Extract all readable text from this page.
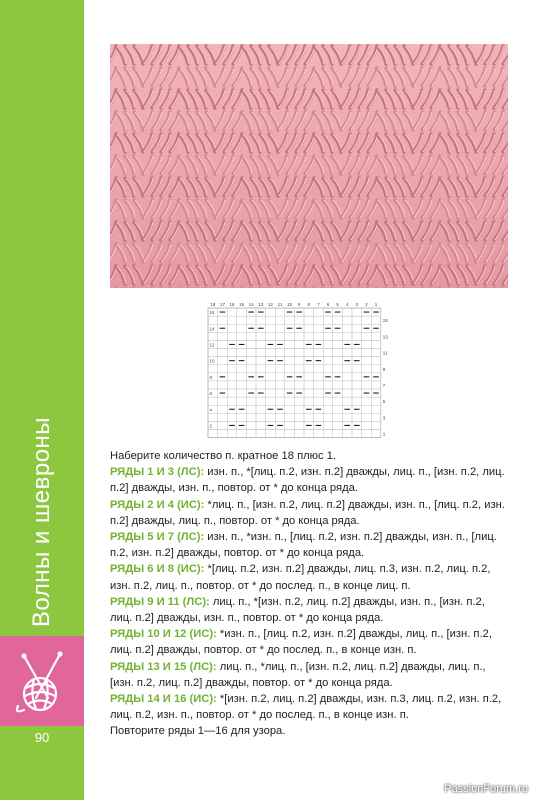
Волны и шевроны
90
18 17 16 15 14 13 12 11 10 9 8 7 6 5 4 3 2 1
16
15
14
13
12
11
10
9
8
7
6
5
4
3
2
1

Наберите количество п. кратное 18 плюс 1.

РЯДЫ 1 И 3 (ЛС): изн. п., *[лиц. п.2, изн. п.2] дважды, лиц. п., [изн. п.2, лиц. п.2] дважды, изн. п., повтор. от * до конца ряда.

РЯДЫ 2 И 4 (ИС): *лиц. п., [изн. п.2, лиц. п.2] дважды, изн. п., [лиц. п.2, изн. п.2] дважды, лиц. п., повтор. от * до конца ряда.

РЯДЫ 5 И 7 (ЛС): изн. п., *изн. п., [лиц. п.2, изн. п.2] дважды, изн. п., [лиц. п.2, изн. п.2] дважды, повтор. от * до конца ряда.

РЯДЫ 6 И 8 (ИС): *[лиц. п.2, изн. п.2] дважды, лиц. п.3, изн. п.2, лиц. п.2, изн. п.2, лиц. п., повтор. от * до послед. п., в конце лиц. п.

РЯДЫ 9 И 11 (ЛС): лиц. п., *[изн. п.2, лиц. п.2] дважды, изн. п., [изн. п.2, лиц. п.2] дважды, изн. п., повтор. от * до конца ряда.

РЯДЫ 10 И 12 (ИС): *изн. п., [лиц. п.2, изн. п.2] дважды, лиц. п., [изн. п.2, лиц. п.2] дважды, повтор. от * до послед. п., в конце изн. п.

РЯДЫ 13 И 15 (ЛС): лиц. п., *лиц. п., [изн. п.2, лиц. п.2] дважды, лиц. п., [изн. п.2, лиц. п.2] дважды, повтор. от * до конца ряда.

РЯДЫ 14 И 16 (ИС): *[изн. п.2, лиц. п.2] дважды, изн. п.3, лиц. п.2, изн. п.2, лиц. п.2, изн. п., повтор. от * до послед. п., в конце изн. п.

Повторите ряды 1—16 для узора.

PassionForum.ru
